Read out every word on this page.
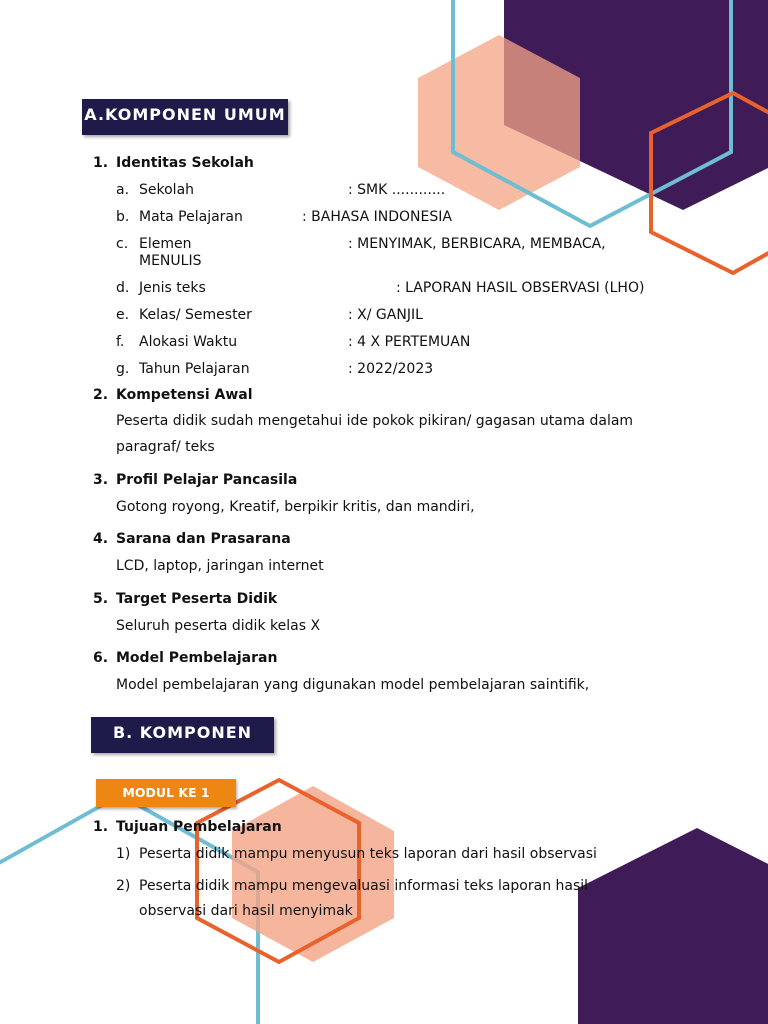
A.KOMPONEN UMUM
1. Identitas Sekolah
a. Sekolah	: SMK ............
b. Mata Pelajaran	: BAHASA INDONESIA
c. Elemen	: MENYIMAK, BERBICARA, MEMBACA,
MENULIS
d. Jenis teks	: LAPORAN HASIL OBSERVASI (LHO)
e. Kelas/ Semester	: X/ GANJIL
f. Alokasi Waktu	: 4 X PERTEMUAN
g. Tahun Pelajaran	: 2022/2023
2. Kompetensi Awal
Peserta didik sudah mengetahui ide pokok pikiran/ gagasan utama dalam
paragraf/ teks
3. Profil Pelajar Pancasila
Gotong royong, Kreatif, berpikir kritis, dan mandiri,
4. Sarana dan Prasarana
LCD, laptop, jaringan internet
5. Target Peserta Didik
Seluruh peserta didik kelas X
6. Model Pembelajaran
Model pembelajaran yang digunakan model pembelajaran saintifik,
B. KOMPONEN INTI
MODUL KE 1
1. Tujuan Pembelajaran
1) Peserta didik mampu menyusun teks laporan dari hasil observasi
2) Peserta didik mampu mengevaluasi informasi teks laporan hasil
observasi dari hasil menyimak
